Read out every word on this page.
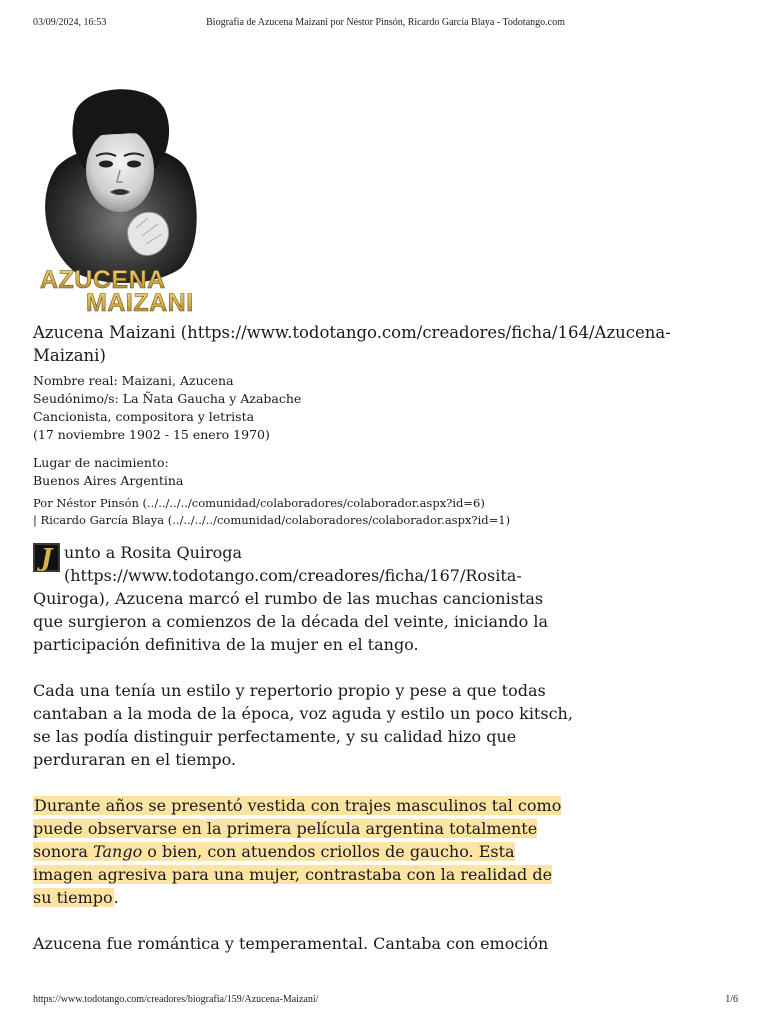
03/09/2024, 16:53	Biografía de Azucena Maizani por Néstor Pinsón, Ricardo García Blaya - Todotango.com
AZUCENA
MAIZANI
Azucena Maizani (https://www.todotango.com/creadores/ficha/164/Azucena-Maizani)
Nombre real: Maizani, Azucena
Seudónimo/s: La Ñata Gaucha y Azabache
Cancionista, compositora y letrista
(17 noviembre 1902 - 15 enero 1970)
Lugar de nacimiento:
Buenos Aires Argentina
Por Néstor Pinsón (../../../../comunidad/colaboradores/colaborador.aspx?id=6)
| Ricardo García Blaya (../../../../comunidad/colaboradores/colaborador.aspx?id=1)
J unto a Rosita Quiroga
(https://www.todotango.com/creadores/ficha/167/Rosita-Quiroga), Azucena marcó el rumbo de las muchas cancionistas que surgieron a comienzos de la década del veinte, iniciando la participación definitiva de la mujer en el tango.
Cada una tenía un estilo y repertorio propio y pese a que todas cantaban a la moda de la época, voz aguda y estilo un poco kitsch, se las podía distinguir perfectamente, y su calidad hizo que perduraran en el tiempo.
Durante años se presentó vestida con trajes masculinos tal como puede observarse en la primera película argentina totalmente sonora Tango o bien, con atuendos criollos de gaucho. Esta imagen agresiva para una mujer, contrastaba con la realidad de su tiempo.
Azucena fue romántica y temperamental. Cantaba con emoción
https://www.todotango.com/creadores/biografia/159/Azucena-Maizani/	1/6
